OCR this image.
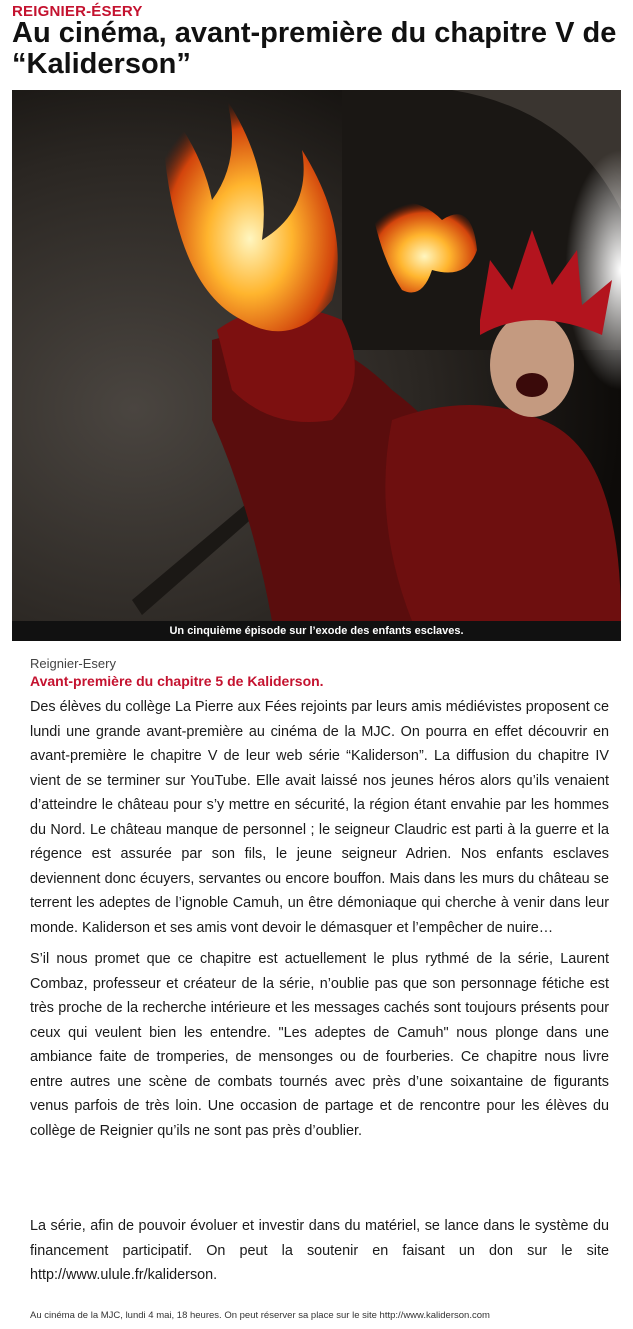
REIGNIER-ÉSERY
Au cinéma, avant-première du chapitre V de “Kaliderson”
Un cinquième épisode sur l’exode des enfants esclaves.
Reignier-Esery
Avant-première du chapitre 5 de Kaliderson.

Des élèves du collège La Pierre aux Fées rejoints par leurs amis médiévistes proposent ce lundi une grande avant-première au cinéma de la MJC. On pourra en effet découvrir en avant-première le chapitre V de leur web série “Kaliderson”. La diffusion du chapitre IV vient de se terminer sur YouTube. Elle avait laissé nos jeunes héros alors qu’ils venaient d’atteindre le château pour s’y mettre en sécurité, la région étant envahie par les hommes du Nord. Le château manque de personnel ; le seigneur Claudric est parti à la guerre et la régence est assurée par son fils, le jeune seigneur Adrien. Nos enfants esclaves deviennent donc écuyers, servantes ou encore bouffon. Mais dans les murs du château se terrent les adeptes de l’ignoble Camuh, un être démoniaque qui cherche à venir dans leur monde. Kaliderson et ses amis vont devoir le démasquer et l’empêcher de nuire…

S’il nous promet que ce chapitre est actuellement le plus rythmé de la série, Laurent Combaz, professeur et créateur de la série, n’oublie pas que son personnage fétiche est très proche de la recherche intérieure et les messages cachés sont toujours présents pour ceux qui veulent bien les entendre. "Les adeptes de Camuh" nous plonge dans une ambiance faite de tromperies, de mensonges ou de fourberies. Ce chapitre nous livre entre autres une scène de combats tournés avec près d’une soixantaine de figurants venus parfois de très loin. Une occasion de partage et de rencontre pour les élèves du collège de Reignier qu’ils ne sont pas près d’oublier.

La série, afin de pouvoir évoluer et investir dans du matériel, se lance dans le système du financement participatif. On peut la soutenir en faisant un don sur le site http://www.ulule.fr/kaliderson.

Au cinéma de la MJC, lundi 4 mai, 18 heures. On peut réserver sa place sur le site http://www.kaliderson.com
